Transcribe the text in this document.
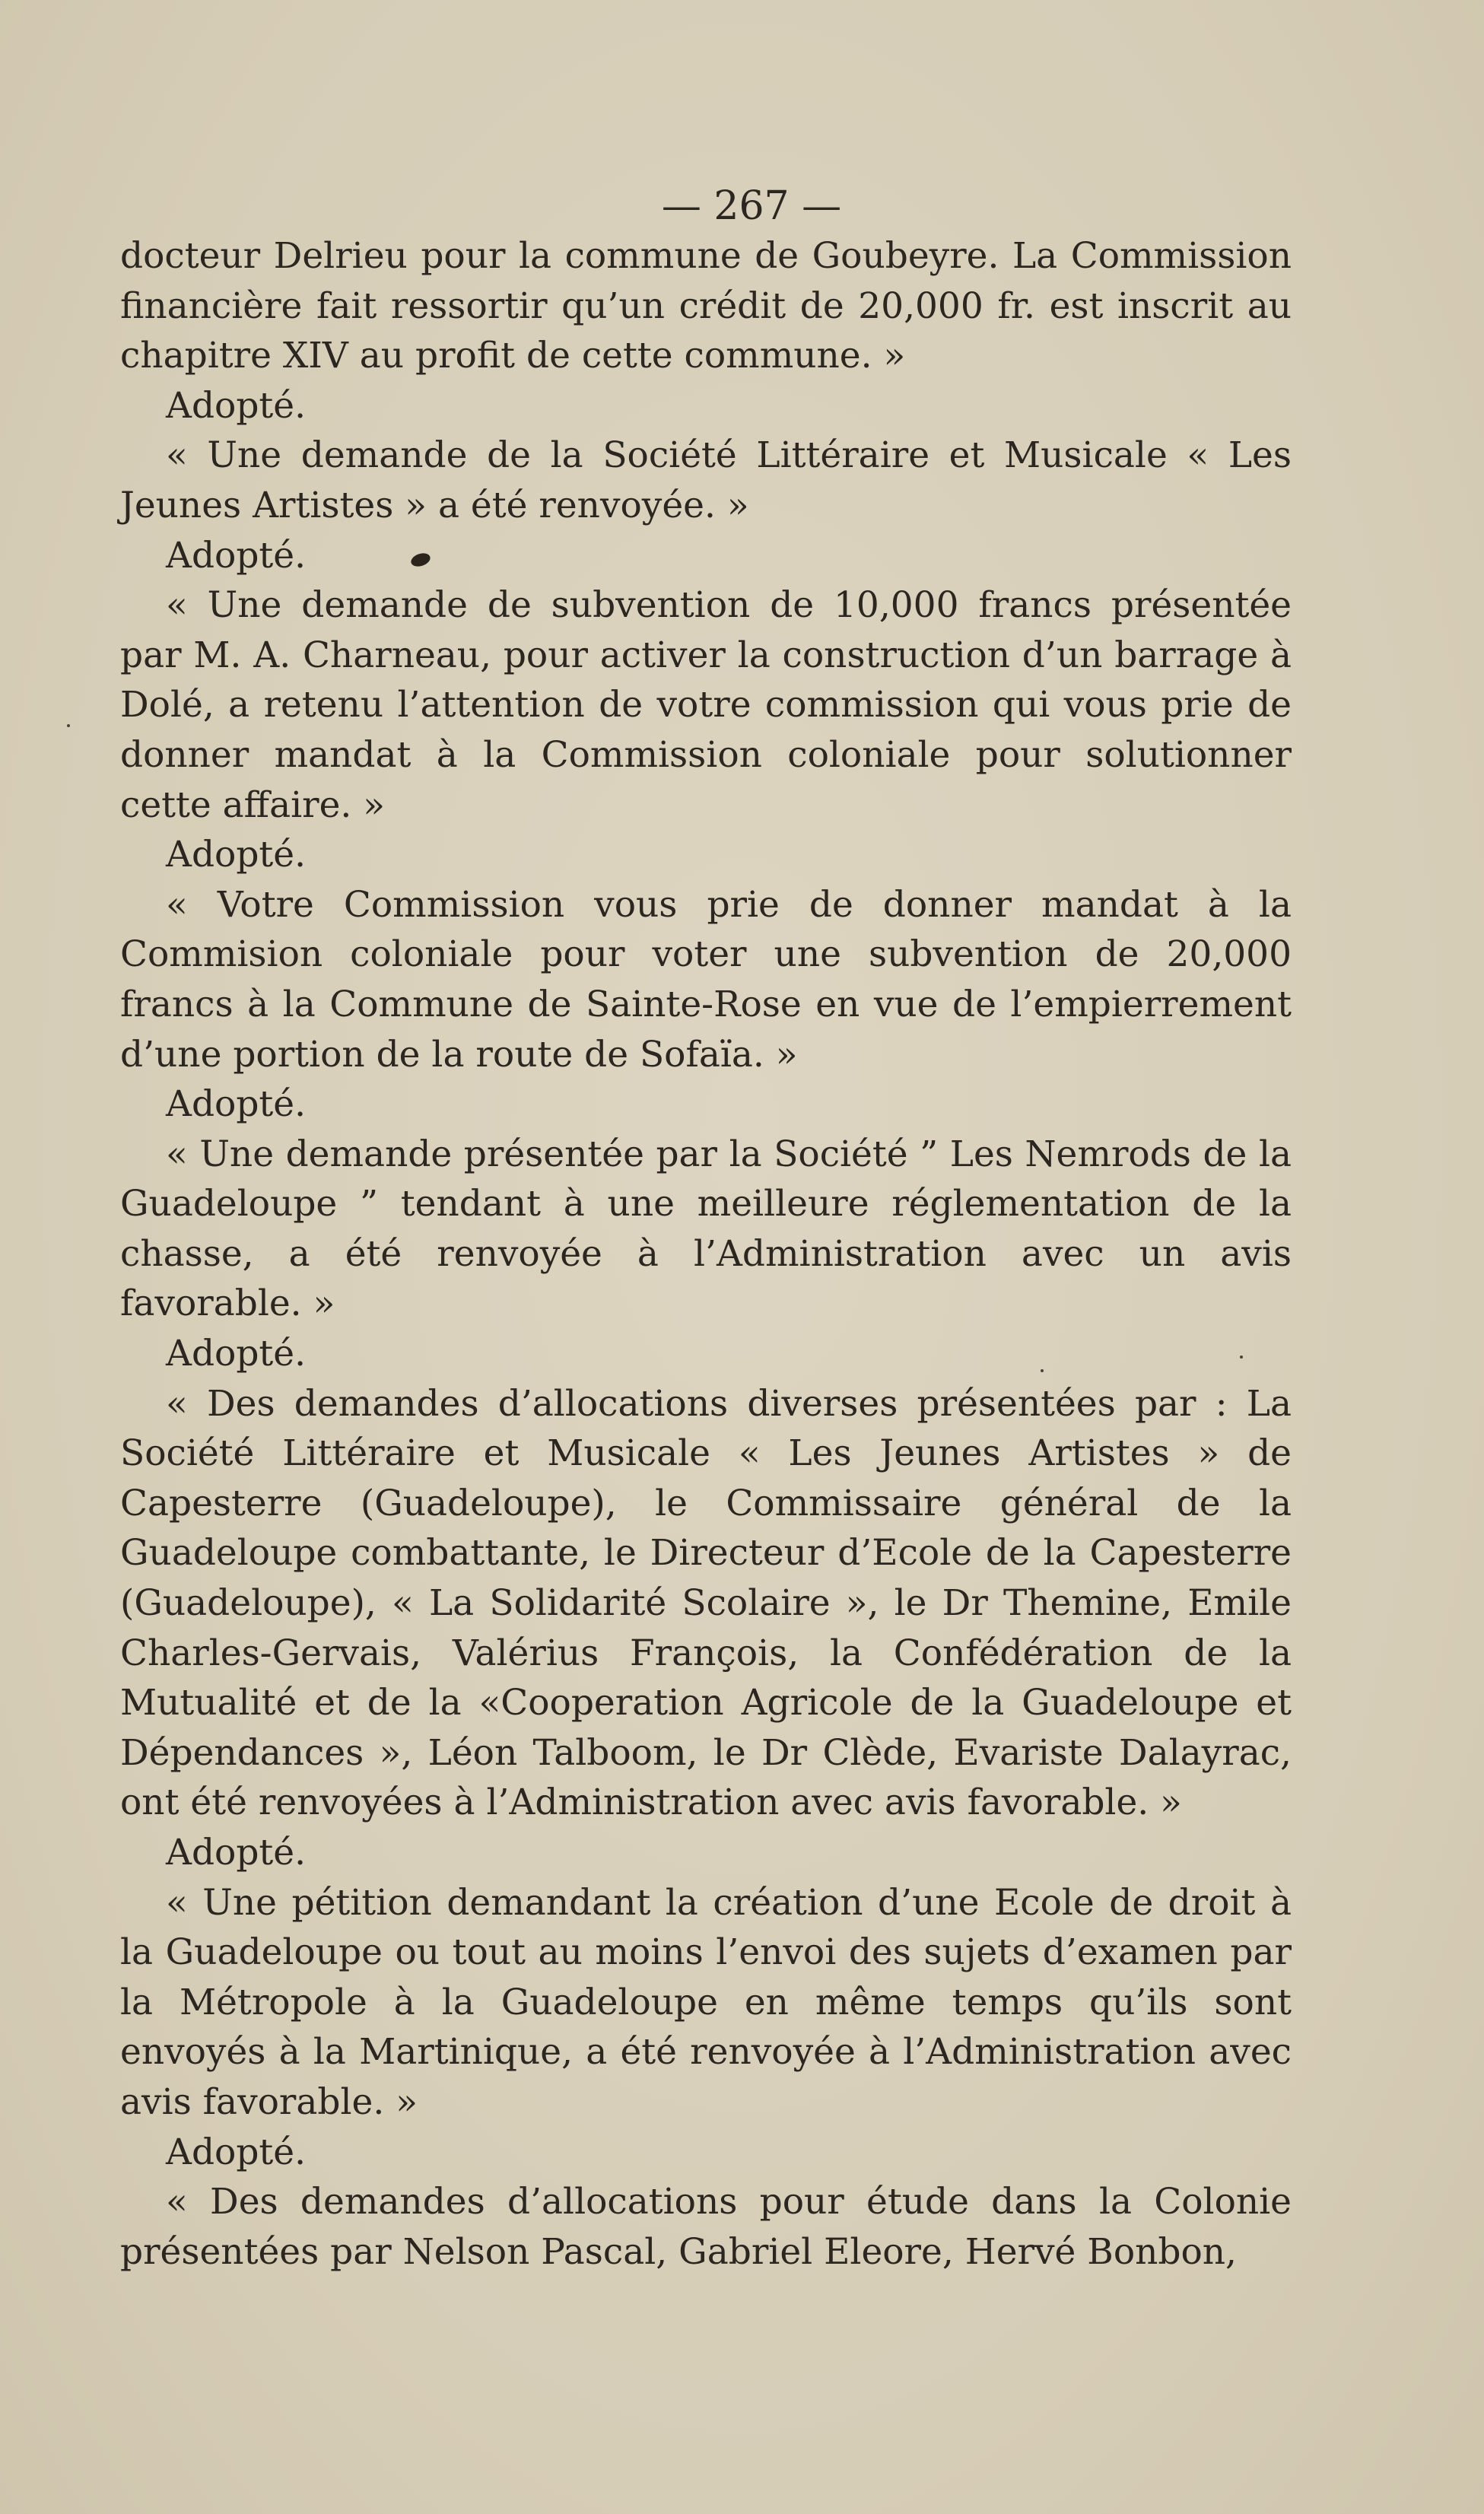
— 267 —

docteur Delrieu pour la commune de Goubeyre. La Commission financière fait ressortir qu’un crédit de 20,000 fr. est inscrit au chapitre XIV au profit de cette commune. »

Adopté.

« Une demande de la Société Littéraire et Musicale « Les Jeunes Artistes » a été renvoyée. »

Adopté.

« Une demande de subvention de 10,000 francs présentée par M. A. Charneau, pour activer la construction d’un barrage à Dolé, a retenu l’attention de votre commission qui vous prie de donner mandat à la Commission coloniale pour solutionner cette affaire. »

Adopté.

« Votre Commission vous prie de donner mandat à la Commision coloniale pour voter une subvention de 20,000 francs à la Commune de Sainte-Rose en vue de l’empierrement d’une portion de la route de Sofaïa. »

Adopté.

« Une demande présentée par la Société ” Les Nemrods de la Guadeloupe ” tendant à une meilleure réglementation de la chasse, a été renvoyée à l’Administration avec un avis favorable. »

Adopté.

« Des demandes d’allocations diverses présentées par : La Société Littéraire et Musicale « Les Jeunes Artistes » de Capesterre (Guadeloupe), le Commissaire général de la Guadeloupe combattante, le Directeur d’Ecole de la Capesterre (Guadeloupe), « La Solidarité Scolaire », le Dr Themine, Emile Charles-Gervais, Valérius François, la Confédération de la Mutualité et de la «Cooperation Agricole de la Guadeloupe et Dépendances », Léon Talboom, le Dr Clède, Evariste Dalayrac, ont été renvoyées à l’Administration avec avis favorable. »

Adopté.

« Une pétition demandant la création d’une Ecole de droit à la Guadeloupe ou tout au moins l’envoi des sujets d’examen par la Métropole à la Guadeloupe en même temps qu’ils sont envoyés à la Martinique, a été renvoyée à l’Administration avec avis favorable. »

Adopté.

« Des demandes d’allocations pour étude dans la Colonie présentées par Nelson Pascal, Gabriel Eleore, Hervé Bonbon,
